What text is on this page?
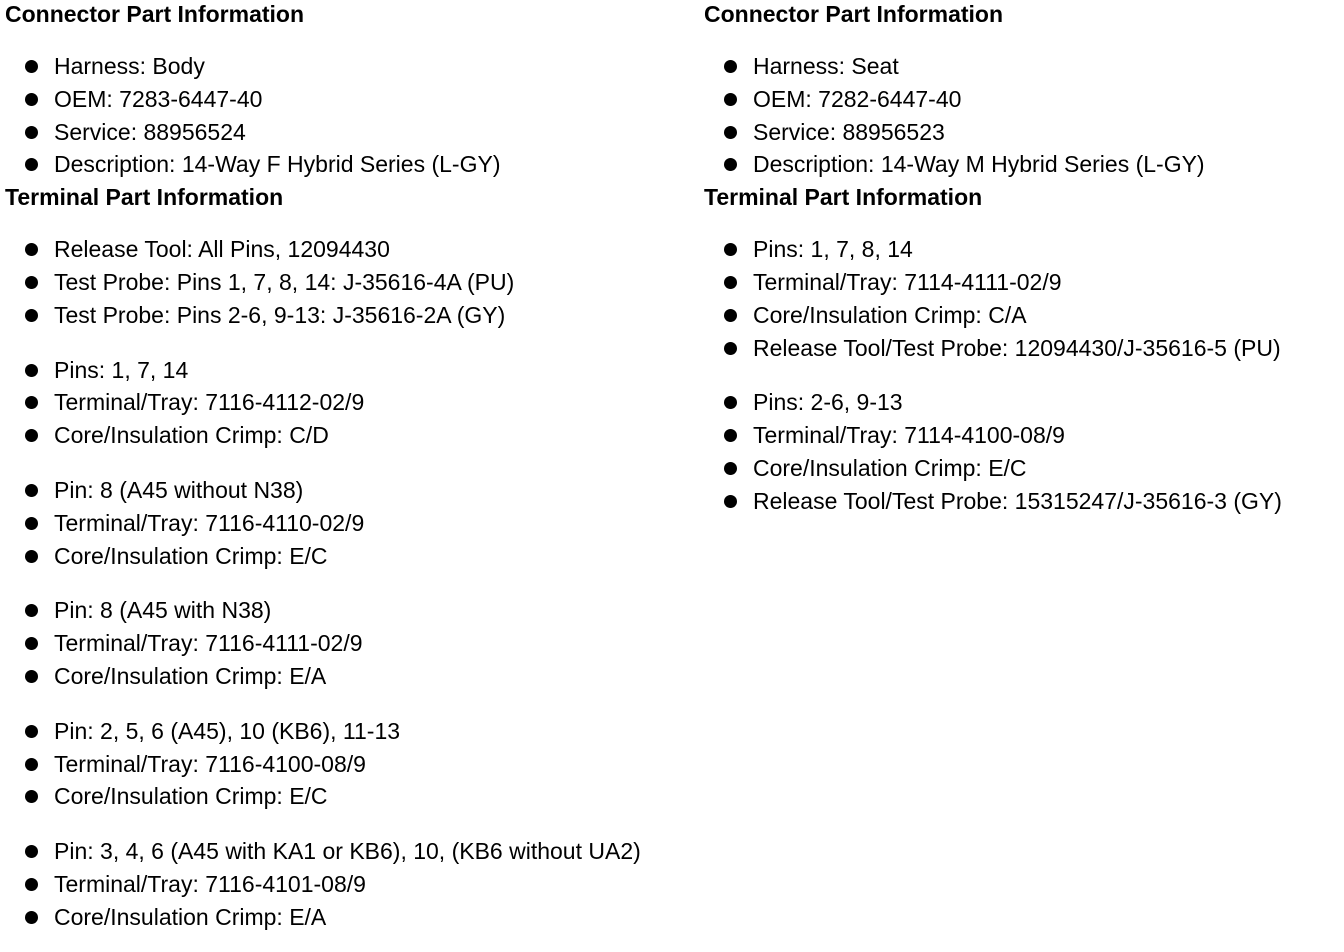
Connector Part Information
Harness: Body
OEM: 7283-6447-40
Service: 88956524
Description: 14-Way F Hybrid Series (L-GY)
Terminal Part Information
Release Tool: All Pins, 12094430
Test Probe: Pins 1, 7, 8, 14: J-35616-4A (PU)
Test Probe: Pins 2-6, 9-13: J-35616-2A (GY)
Pins: 1, 7, 14
Terminal/Tray: 7116-4112-02/9
Core/Insulation Crimp: C/D
Pin: 8 (A45 without N38)
Terminal/Tray: 7116-4110-02/9
Core/Insulation Crimp: E/C
Pin: 8 (A45 with N38)
Terminal/Tray: 7116-4111-02/9
Core/Insulation Crimp: E/A
Pin: 2, 5, 6 (A45), 10 (KB6), 11-13
Terminal/Tray: 7116-4100-08/9
Core/Insulation Crimp: E/C
Pin: 3, 4, 6 (A45 with KA1 or KB6), 10, (KB6 without UA2)
Terminal/Tray: 7116-4101-08/9
Core/Insulation Crimp: E/A
Connector Part Information
Harness: Seat
OEM: 7282-6447-40
Service: 88956523
Description: 14-Way M Hybrid Series (L-GY)
Terminal Part Information
Pins: 1, 7, 8, 14
Terminal/Tray: 7114-4111-02/9
Core/Insulation Crimp: C/A
Release Tool/Test Probe: 12094430/J-35616-5 (PU)
Pins: 2-6, 9-13
Terminal/Tray: 7114-4100-08/9
Core/Insulation Crimp: E/C
Release Tool/Test Probe: 15315247/J-35616-3 (GY)
